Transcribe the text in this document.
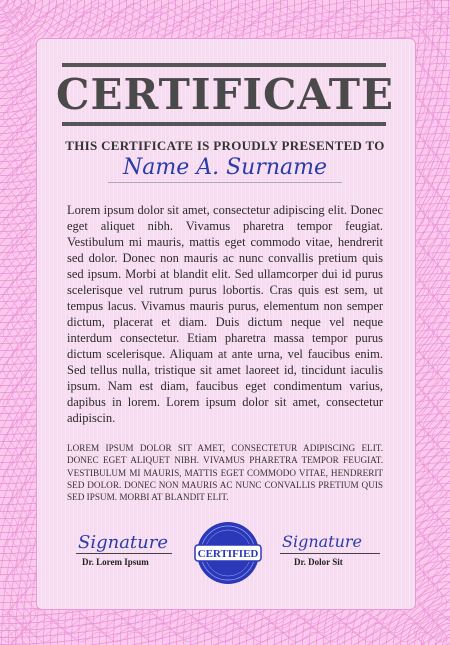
CERTIFICATE
THIS CERTIFICATE IS PROUDLY PRESENTED TO
Name A. Surname
Lorem ipsum dolor sit amet, consectetur adipiscing elit. Donec eget aliquet nibh. Vivamus pharetra tempor feugiat. Vestibulum mi mauris, mattis eget commodo vitae, hendrerit sed dolor. Donec non mauris ac nunc convallis pretium quis sed ipsum. Morbi at blandit elit. Sed ullamcorper dui id purus scelerisque vel rutrum purus lobortis. Cras quis est sem, ut tempus lacus. Vivamus mauris purus, elementum non semper dictum, placerat et diam. Duis dictum neque vel neque interdum consectetur. Etiam pharetra massa tempor purus dictum scelerisque. Aliquam at ante urna, vel faucibus enim. Sed tellus nulla, tristique sit amet laoreet id, tincidunt iaculis ipsum. Nam est diam, faucibus eget condimentum varius, dapibus in lorem. Lorem ipsum dolor sit amet, consectetur adipiscin.
LOREM IPSUM DOLOR SIT AMET, CONSECTETUR ADIPISCING ELIT. DONEC EGET ALIQUET NIBH. VIVAMUS PHARETRA TEMPOR FEUGIAT. VESTIBULUM MI MAURIS, MATTIS EGET COMMODO VITAE, HENDRERIT SED DOLOR. DONEC NON MAURIS AC NUNC CONVALLIS PRETIUM QUIS SED IPSUM. MORBI AT BLANDIT ELIT.
Signature
Dr. Lorem Ipsum
CERTIFIED
Signature
Dr. Dolor Sit
